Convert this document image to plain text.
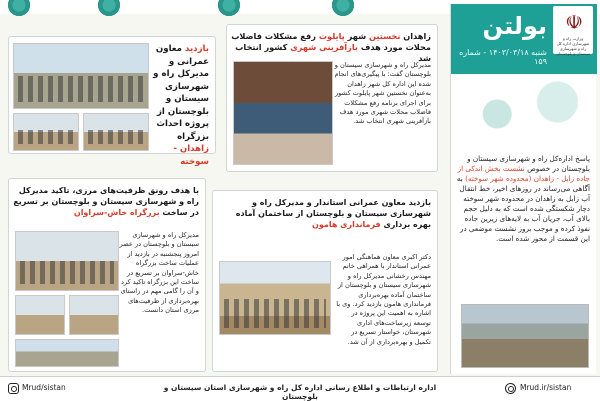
بازدید معاون عمرانی و مدیرکل راه و شهرسازی سیستان و بلوچستان از پروژه احداث بزرگراه زاهدان - سوخته
زاهدان نخستین شهر پایلوت رفع مشکلات فاضلاب محلات مورد هدف بازآفرینی شهری کشور انتخاب شد
مدیرکل راه و شهرسازی سیستان و بلوچستان گفت: با پیگیری‌های انجام شده این اداره کل شهر زاهدان به‌عنوان نخستین شهر پایلوت کشور برای اجرای برنامه رفع مشکلات فاضلاب محلات شهری مورد هدف بازآفرینی شهری انتخاب شد.
با هدف رونق ظرفیت‌های مرزی، تاکید مدیرکل راه و شهرسازی سیستان و بلوچستان بر تسریع در ساخت بزرگراه خاش-سراوان
مدیرکل راه و شهرسازی سیستان و بلوچستان در عصر امروز پنجشنبه در بازدید از عملیات ساخت بزرگراه خاش-سراوان بر تسریع در ساخت این بزرگراه تاکید کرد و آن را گامی مهم در راستای بهره‌برداری از ظرفیت‌های مرزی استان دانست.
بازدید معاون عمرانی استاندار و مدیرکل راه و شهرسازی سیستان و بلوچستان از ساختمان آماده بهره برداری فرمانداری هامون
دکتر اکبری معاون هماهنگی امور عمرانی استاندار با همراهی خانم مهندس رخشانی مدیرکل راه و شهرسازی سیستان و بلوچستان از ساختمان آماده بهره‌برداری فرمانداری هامون بازدید کرد. وی با اشاره به اهمیت این پروژه در توسعه زیرساخت‌های اداری شهرستان، خواستار تسریع در تکمیل و بهره‌برداری از آن شد.
بولتن
شنبه ۱۴۰۳/۰۳/۱۸ - شماره ۱۵۹
☫
وزارت راه و شهرسازی اداره کل راه و شهرسازی سیستان و بلوچستان
پاسخ اداره‌کل راه و شهرسازی سیستان و بلوچستان در خصوص نشست بخش اندکی از جاده زابل - زاهدان (محدوده شهر سوخته) به آگاهی می‌رساند در روزهای اخیر، خط انتقال آب زابل به زاهدان در محدوده شهر سوخته دچار شکستگی شده است که به دلیل حجم بالای آب، جریان آب به لایه‌های زیرین جاده نفوذ کرده و موجب بروز نشست موضعی در این قسمت از محور شده است.
Mrud/sistan	اداره ارتباطات و اطلاع رسانی اداره کل راه و شهرسازی استان سیستان و بلوچستان
Mrud.ir/sistan
